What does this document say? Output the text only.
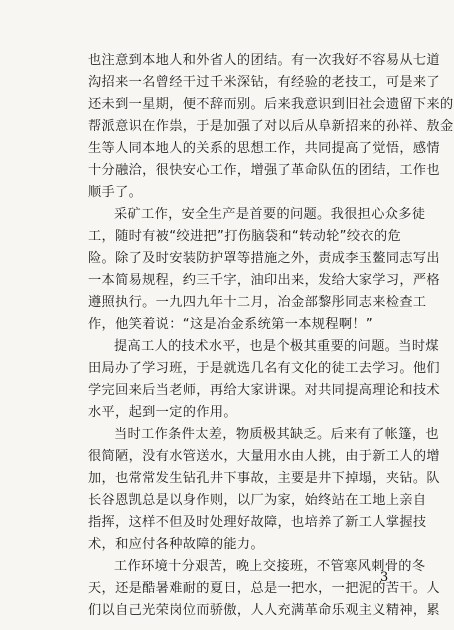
也注意到本地人和外省人的团结。有一次我好不容易从七道
沟招来一名曾经干过千米深钻，有经验的老技工，可是来了
还未到一星期，便不辞而别。后来我意识到旧社会遗留下来的
帮派意识在作祟，于是加强了对以后从阜新招来的孙祥、敖金
生等人同本地人的关系的思想工作，共同提高了觉悟，感情
十分融洽，很快安心工作，增强了革命队伍的团结，工作也
顺手了。
采矿工作，安全生产是首要的问题。我很担心众多徒
工，随时有被“绞进把”打伤脑袋和“转动轮”绞衣的危
险。除了及时安装防护罩等措施之外，责成李玉鳌同志写出
一本简易规程，约三千字，油印出来，发给大家学习，严格
遵照执行。一九四九年十二月，冶金部黎彤同志来检查工
作，他笑着说：“这是冶金系统第一本规程啊！”
提高工人的技术水平，也是个极其重要的问题。当时煤
田局办了学习班，于是就选几名有文化的徒工去学习。他们
学完回来后当老师，再给大家讲课。对共同提高理论和技术
水平，起到一定的作用。
当时工作条件太差，物质极其缺乏。后来有了帐篷，也
很简陋，没有水管送水，大量用水由人挑，由于新工人的增
加，也常常发生钻孔井下事故，主要是井下掉塌，夹钻。队
长谷恩凯总是以身作则，以厂为家，始终站在工地上亲自
指挥，这样不但及时处理好故障，也培养了新工人掌握技
术，和应付各种故障的能力。
工作环境十分艰苦，晚上交接班，不管寒风刺骨的冬
天，还是酷暑难耐的夏日，总是一把水，一把泥的苦干。人
们以自己光荣岗位而骄傲，人人充满革命乐观主义精神，累
3
